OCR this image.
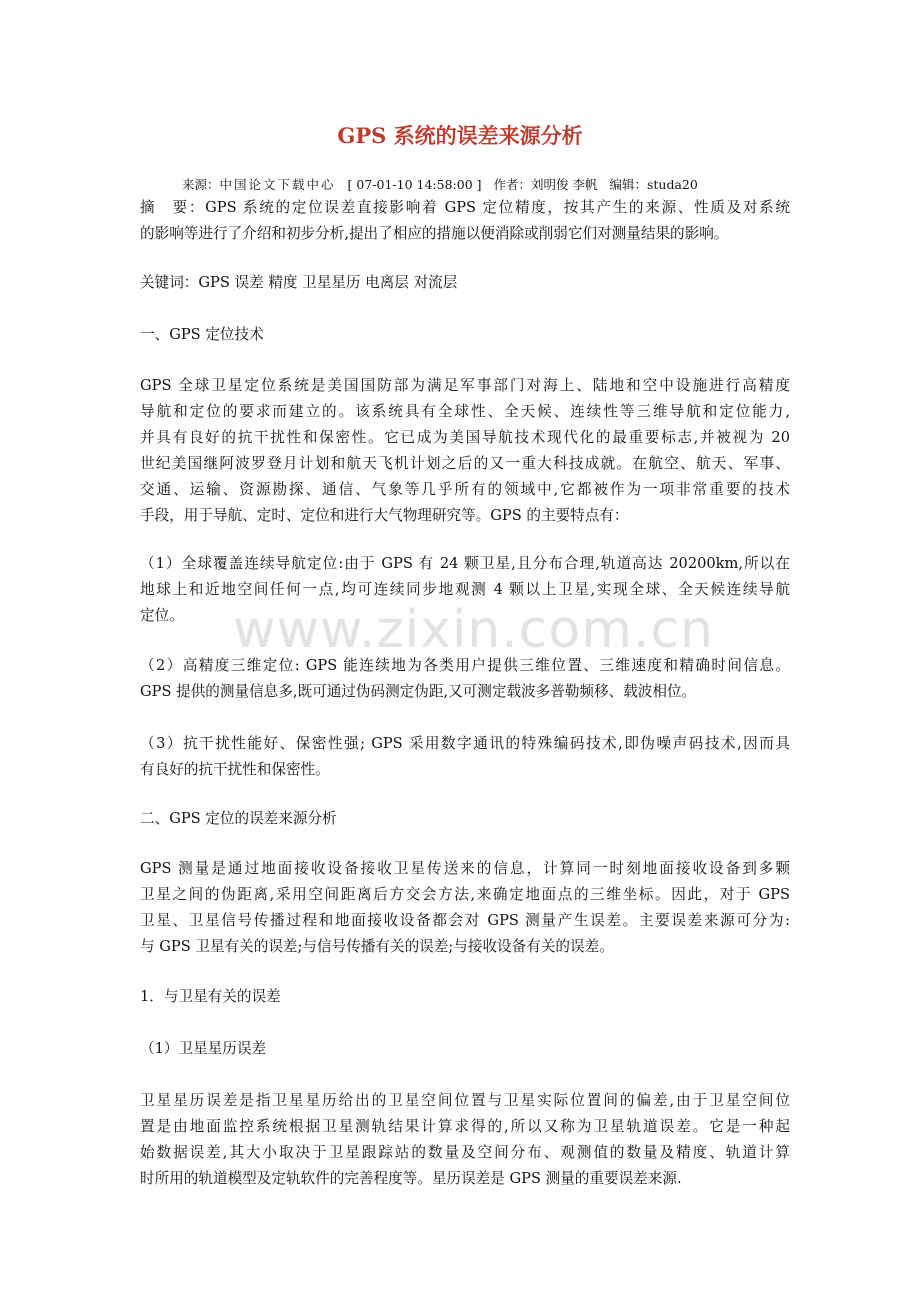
GPS 系统的误差来源分析
来源：中国论文下载中心 [ 07-01-10 14:58:00 ] 作者：刘明俊 李帆 编辑：studa20
摘　要：GPS 系统的定位误差直接影响着 GPS 定位精度，按其产生的来源、性质及对系统
的影响等进行了介绍和初步分析,提出了相应的措施以便消除或削弱它们对测量结果的影响。
关键词：GPS 误差 精度 卫星星历 电离层 对流层
一、GPS 定位技术
GPS 全球卫星定位系统是美国国防部为满足军事部门对海上、陆地和空中设施进行高精度
导航和定位的要求而建立的。该系统具有全球性、全天候、连续性等三维导航和定位能力,
并具有良好的抗干扰性和保密性。它已成为美国导航技术现代化的最重要标志,并被视为 20
世纪美国继阿波罗登月计划和航天飞机计划之后的又一重大科技成就。在航空、航天、军事、
交通、运输、资源勘探、通信、气象等几乎所有的领域中,它都被作为一项非常重要的技术
手段，用于导航、定时、定位和进行大气物理研究等。GPS 的主要特点有：
（1）全球覆盖连续导航定位:由于 GPS 有 24 颗卫星,且分布合理,轨道高达 20200km,所以在
地球上和近地空间任何一点,均可连续同步地观测 4 颗以上卫星,实现全球、全天候连续导航
定位。
（2）高精度三维定位: GPS 能连续地为各类用户提供三维位置、三维速度和精确时间信息。
GPS 提供的测量信息多,既可通过伪码测定伪距,又可测定载波多普勒频移、载波相位。
（3）抗干扰性能好、保密性强; GPS 采用数字通讯的特殊编码技术,即伪噪声码技术,因而具
有良好的抗干扰性和保密性。
二、GPS 定位的误差来源分析
GPS 测量是通过地面接收设备接收卫星传送来的信息，计算同一时刻地面接收设备到多颗
卫星之间的伪距离,采用空间距离后方交会方法,来确定地面点的三维坐标。因此，对于 GPS
卫星、卫星信号传播过程和地面接收设备都会对 GPS 测量产生误差。主要误差来源可分为:
与 GPS 卫星有关的误差;与信号传播有关的误差;与接收设备有关的误差。
1．与卫星有关的误差
（1）卫星星历误差
卫星星历误差是指卫星星历给出的卫星空间位置与卫星实际位置间的偏差,由于卫星空间位
置是由地面监控系统根据卫星测轨结果计算求得的,所以又称为卫星轨道误差。它是一种起
始数据误差,其大小取决于卫星跟踪站的数量及空间分布、观测值的数量及精度、轨道计算
时所用的轨道模型及定轨软件的完善程度等。星历误差是 GPS 测量的重要误差来源.
www.zixin.com.cn
